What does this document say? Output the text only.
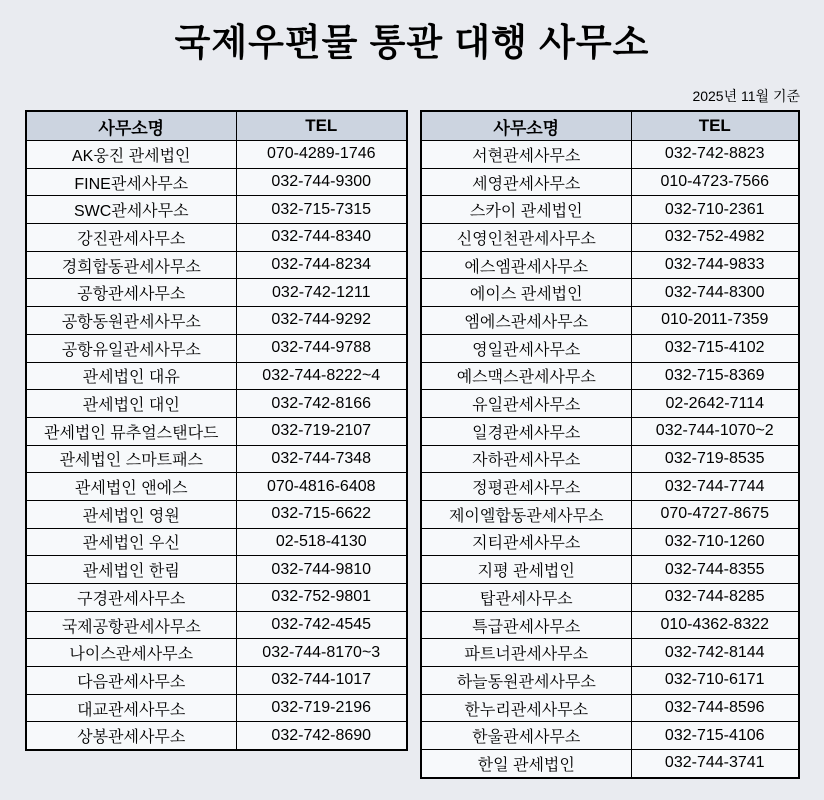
국제우편물 통관 대행 사무소
2025년 11월 기준
사무소명	TEL
AK웅진 관세법인	070-4289-1746
FINE관세사무소	032-744-9300
SWC관세사무소	032-715-7315
강진관세사무소	032-744-8340
경희합동관세사무소	032-744-8234
공항관세사무소	032-742-1211
공항동원관세사무소	032-744-9292
공항유일관세사무소	032-744-9788
관세법인 대유	032-744-8222~4
관세법인 대인	032-742-8166
관세법인 뮤추얼스탠다드	032-719-2107
관세법인 스마트패스	032-744-7348
관세법인 앤에스	070-4816-6408
관세법인 영원	032-715-6622
관세법인 우신	02-518-4130
관세법인 한림	032-744-9810
구경관세사무소	032-752-9801
국제공항관세사무소	032-742-4545
나이스관세사무소	032-744-8170~3
다음관세사무소	032-744-1017
대교관세사무소	032-719-2196
상봉관세사무소	032-742-8690
사무소명	TEL
서현관세사무소	032-742-8823
세영관세사무소	010-4723-7566
스카이 관세법인	032-710-2361
신영인천관세사무소	032-752-4982
에스엠관세사무소	032-744-9833
에이스 관세법인	032-744-8300
엠에스관세사무소	010-2011-7359
영일관세사무소	032-715-4102
예스맥스관세사무소	032-715-8369
유일관세사무소	02-2642-7114
일경관세사무소	032-744-1070~2
자하관세사무소	032-719-8535
정평관세사무소	032-744-7744
제이엘합동관세사무소	070-4727-8675
지티관세사무소	032-710-1260
지평 관세법인	032-744-8355
탑관세사무소	032-744-8285
특급관세사무소	010-4362-8322
파트너관세사무소	032-742-8144
하늘동원관세사무소	032-710-6171
한누리관세사무소	032-744-8596
한울관세사무소	032-715-4106
한일 관세법인	032-744-3741
